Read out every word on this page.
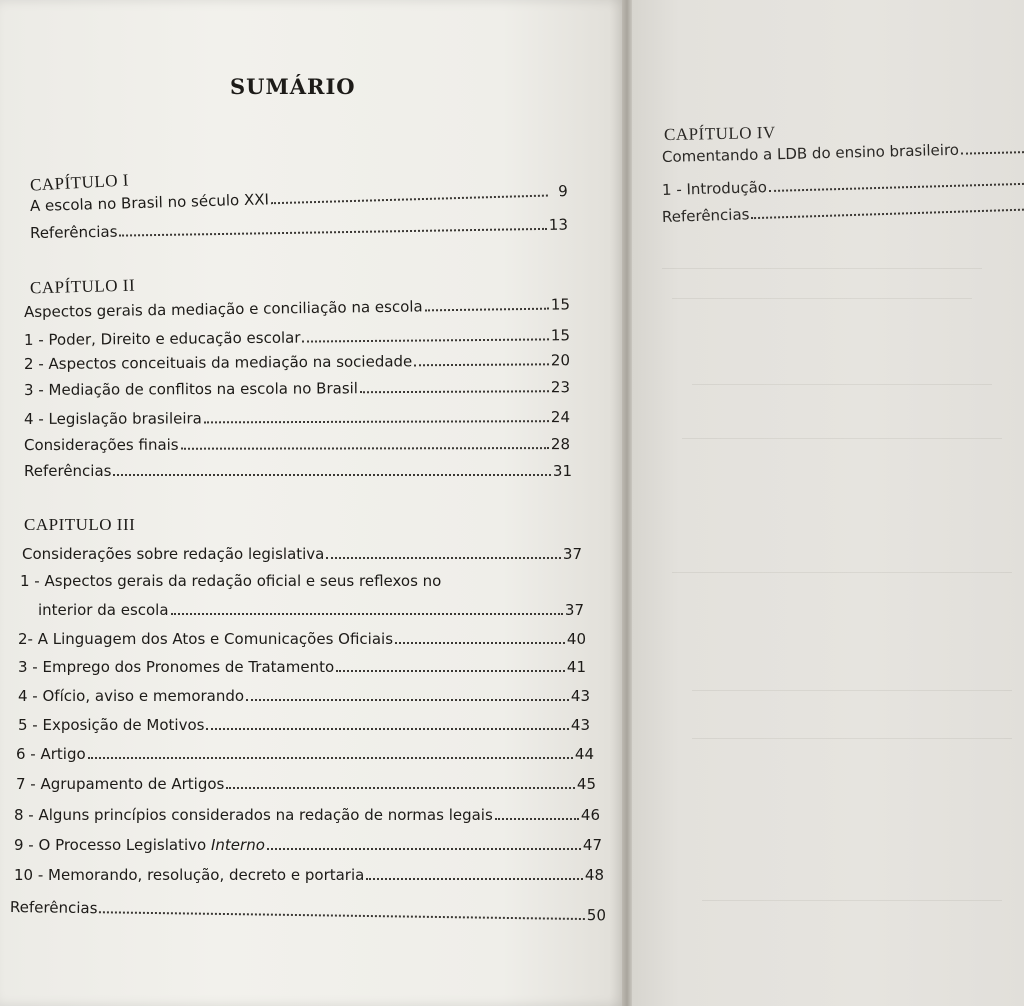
SUMÁRIO
CAPÍTULO I
A escola no Brasil no século XXI	9
Referências	13
CAPÍTULO II
Aspectos gerais da mediação e conciliação na escola	15
1 - Poder, Direito e educação escolar	15
2 - Aspectos conceituais da mediação na sociedade	20
3 - Mediação de conflitos na escola no Brasil	23
4 - Legislação brasileira	24
Considerações finais	28
Referências	31
CAPITULO III
Considerações sobre redação legislativa	37
1 - Aspectos gerais da redação oficial e seus reflexos no
interior da escola	37
2- A Linguagem dos Atos e Comunicações Oficiais	40
3 - Emprego dos Pronomes de Tratamento	41
4 - Ofício, aviso e memorando	43
5 - Exposição de Motivos	43
6 - Artigo	44
7 - Agrupamento de Artigos	45
8 - Alguns princípios considerados na redação de normas legais	46
9 - O Processo Legislativo Interno	47
10 - Memorando, resolução, decreto e portaria	48
Referências	50
CAPÍTULO IV
Comentando a LDB do ensino brasileiro
1 - Introdução
Referências
